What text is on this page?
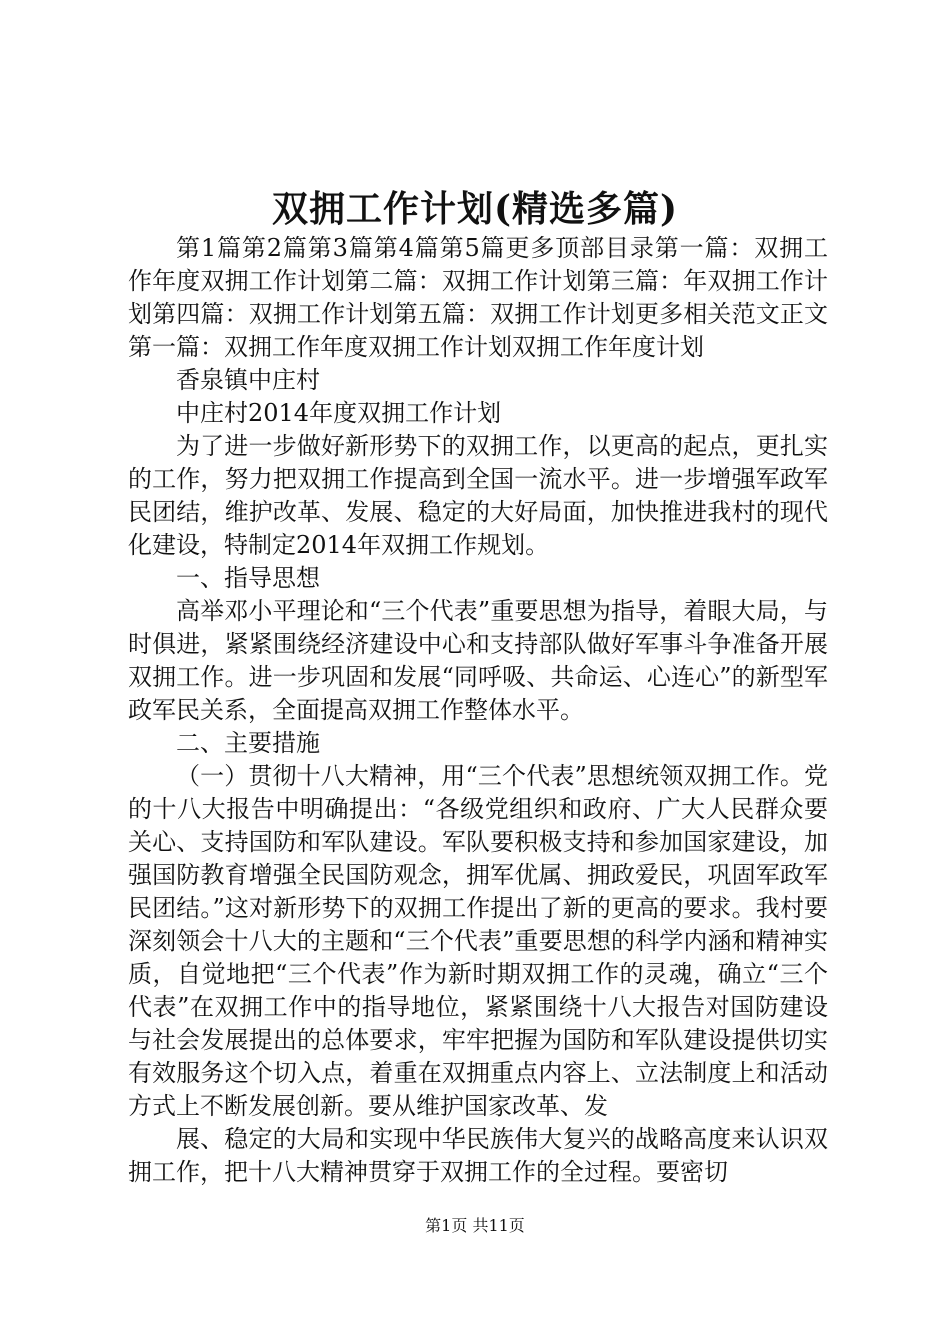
双拥工作计划(精选多篇)

第1篇第2篇第3篇第4篇第5篇更多顶部目录第一篇：双拥工作年度双拥工作计划第二篇：双拥工作计划第三篇：年双拥工作计划第四篇：双拥工作计划第五篇：双拥工作计划更多相关范文正文第一篇：双拥工作年度双拥工作计划双拥工作年度计划

香泉镇中庄村

中庄村2014年度双拥工作计划

为了进一步做好新形势下的双拥工作，以更高的起点，更扎实的工作，努力把双拥工作提高到全国一流水平。进一步增强军政军民团结，维护改革、发展、稳定的大好局面，加快推进我村的现代化建设，特制定2014年双拥工作规划。

一、指导思想

高举邓小平理论和“三个代表”重要思想为指导，着眼大局，与时俱进，紧紧围绕经济建设中心和支持部队做好军事斗争准备开展双拥工作。进一步巩固和发展“同呼吸、共命运、心连心”的新型军政军民关系，全面提高双拥工作整体水平。

二、主要措施

（一）贯彻十八大精神，用“三个代表”思想统领双拥工作。党的十八大报告中明确提出：“各级党组织和政府、广大人民群众要关心、支持国防和军队建设。军队要积极支持和参加国家建设，加强国防教育增强全民国防观念，拥军优属、拥政爱民，巩固军政军民团结。”这对新形势下的双拥工作提出了新的更高的要求。我村要深刻领会十八大的主题和“三个代表”重要思想的科学内涵和精神实质，自觉地把“三个代表”作为新时期双拥工作的灵魂，确立“三个代表”在双拥工作中的指导地位，紧紧围绕十八大报告对国防建设与社会发展提出的总体要求，牢牢把握为国防和军队建设提供切实有效服务这个切入点，着重在双拥重点内容上、立法制度上和活动方式上不断发展创新。要从维护国家改革、发

展、稳定的大局和实现中华民族伟大复兴的战略高度来认识双拥工作，把十八大精神贯穿于双拥工作的全过程。要密切

第1页 共11页
